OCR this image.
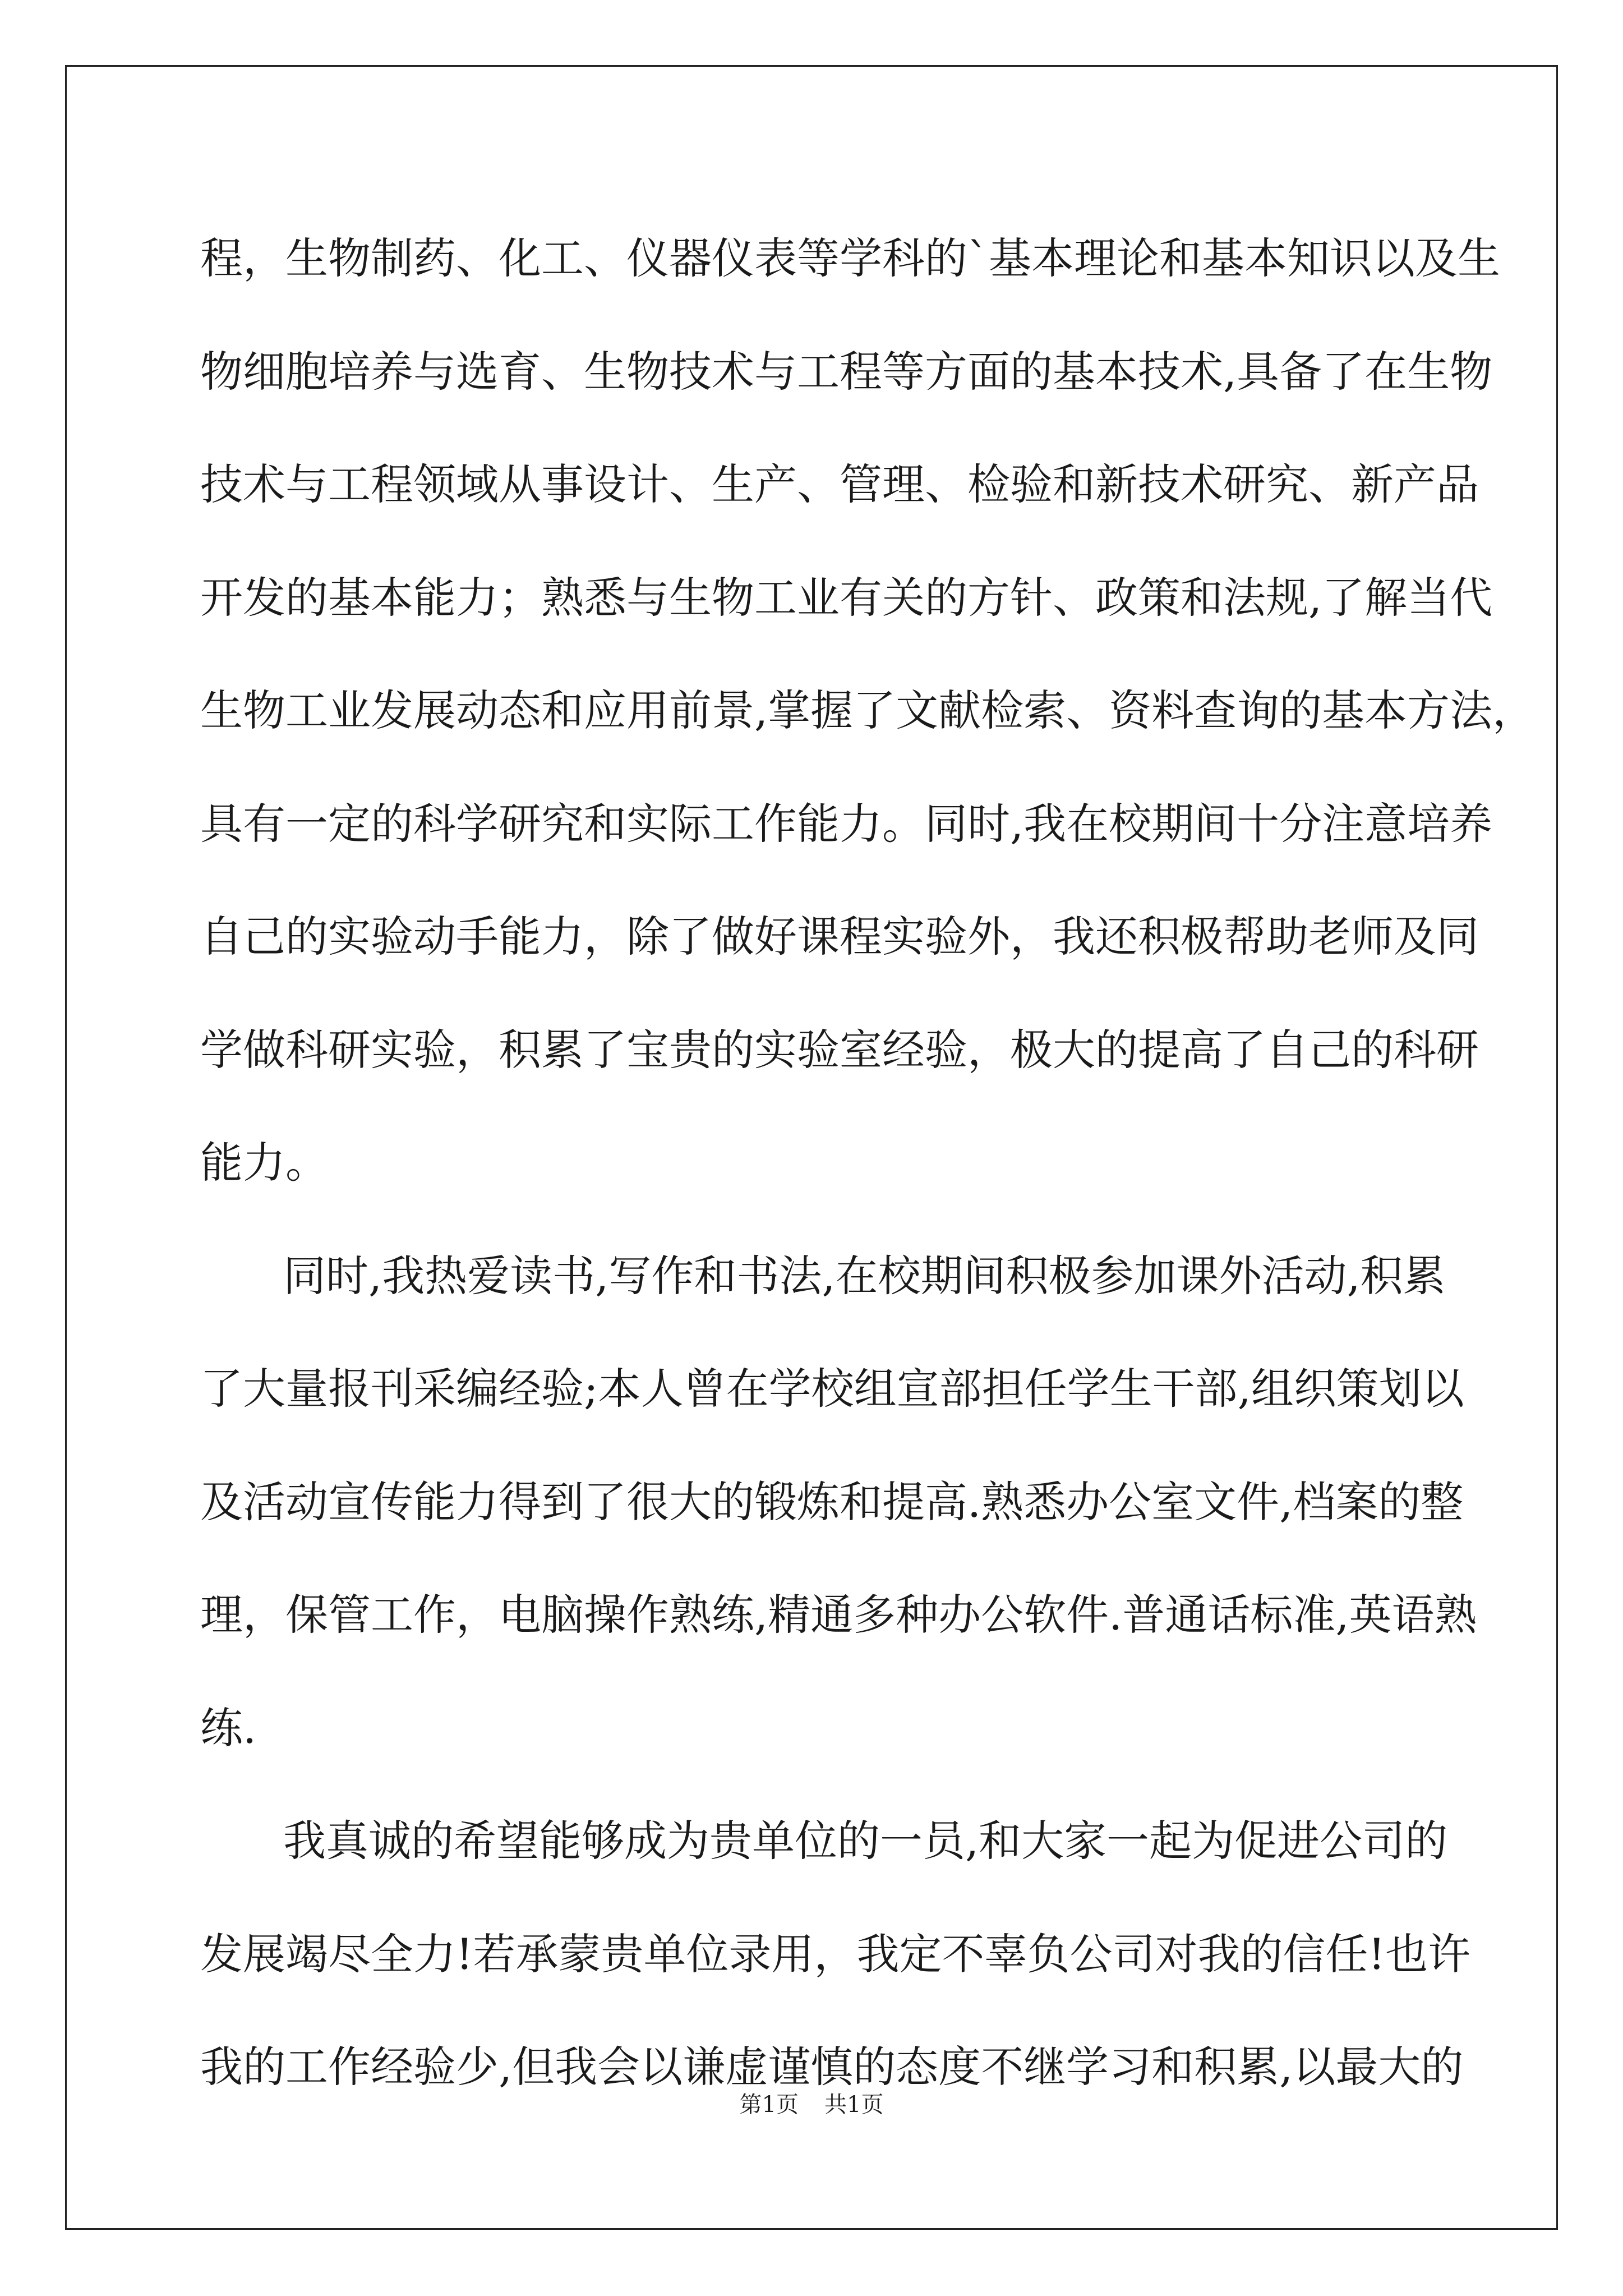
程，生物制药、化工、仪器仪表等学科的`基本理论和基本知识以及生
物细胞培养与选育、生物技术与工程等方面的基本技术,具备了在生物
技术与工程领域从事设计、生产、管理、检验和新技术研究、新产品
开发的基本能力；熟悉与生物工业有关的方针、政策和法规,了解当代
生物工业发展动态和应用前景,掌握了文献检索、资料查询的基本方法，
具有一定的科学研究和实际工作能力。同时,我在校期间十分注意培养
自己的实验动手能力，除了做好课程实验外，我还积极帮助老师及同
学做科研实验，积累了宝贵的实验室经验，极大的提高了自己的科研
能力。
同时,我热爱读书,写作和书法,在校期间积极参加课外活动,积累
了大量报刊采编经验;本人曾在学校组宣部担任学生干部,组织策划以
及活动宣传能力得到了很大的锻炼和提高.熟悉办公室文件,档案的整
理，保管工作，电脑操作熟练,精通多种办公软件.普通话标准,英语熟
练.
我真诚的希望能够成为贵单位的一员,和大家一起为促进公司的
发展竭尽全力!若承蒙贵单位录用，我定不辜负公司对我的信任!也许
我的工作经验少,但我会以谦虚谨慎的态度不继学习和积累,以最大的
第1页 共1页
